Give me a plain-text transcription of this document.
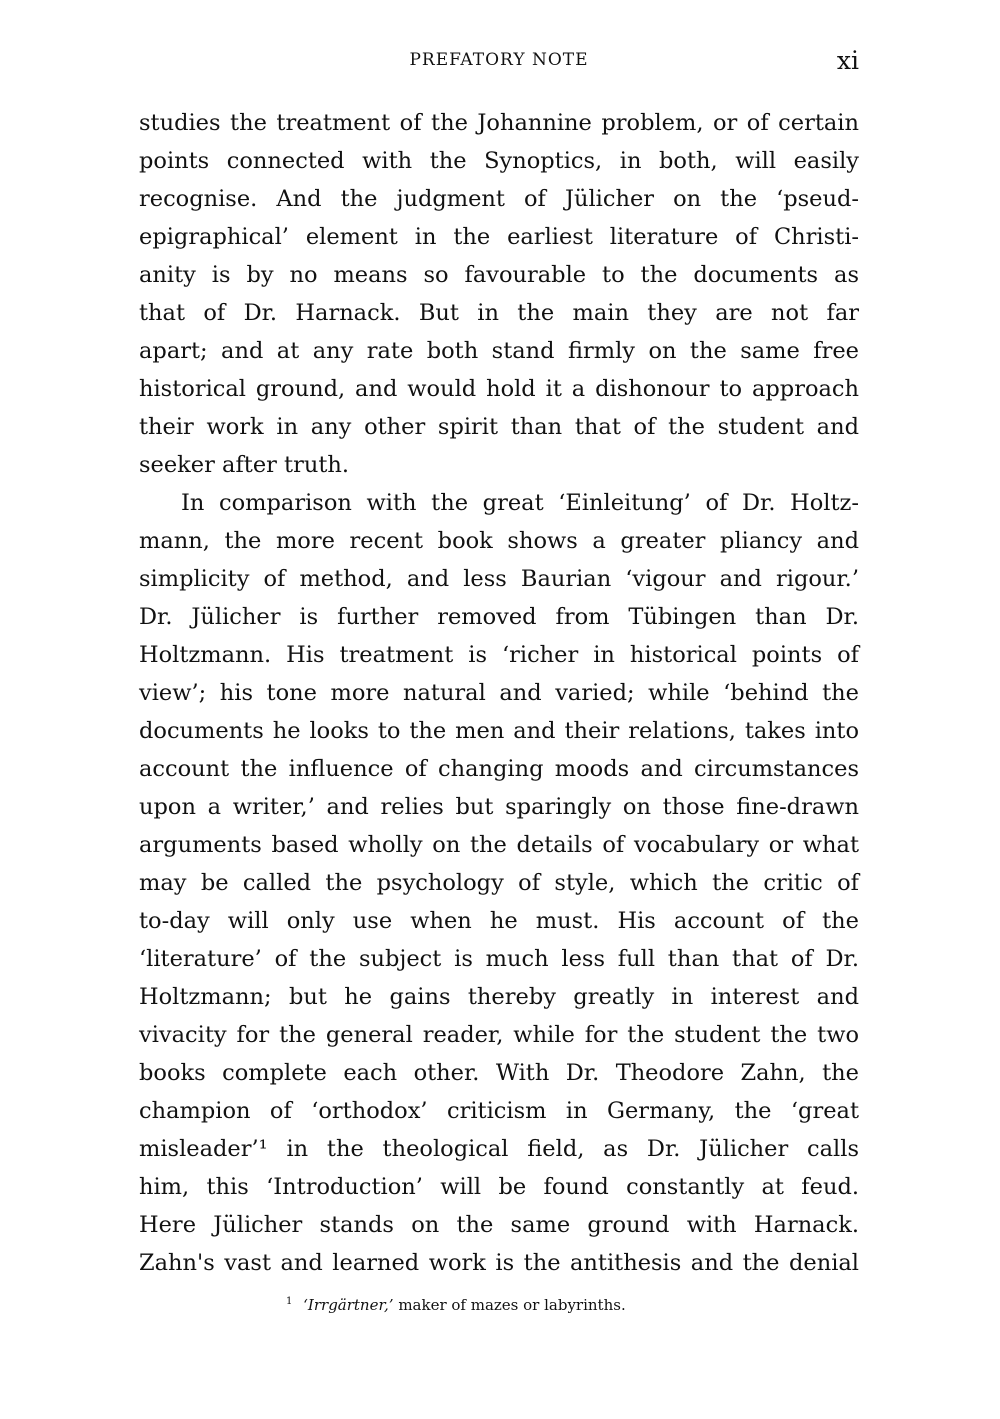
PREFATORY NOTE	xi
studies the treatment of the Johannine problem, or of certain
points connected with the Synoptics, in both, will easily
recognise. And the judgment of Jülicher on the ‘pseud-
epigraphical’ element in the earliest literature of Christi-
anity is by no means so favourable to the documents as
that of Dr. Harnack. But in the main they are not far
apart; and at any rate both stand firmly on the same free
historical ground, and would hold it a dishonour to approach
their work in any other spirit than that of the student and
seeker after truth.
In comparison with the great ‘Einleitung’ of Dr. Holtz-
mann, the more recent book shows a greater pliancy and
simplicity of method, and less Baurian ‘vigour and rigour.’
Dr. Jülicher is further removed from Tübingen than Dr.
Holtzmann. His treatment is ‘richer in historical points of
view’; his tone more natural and varied; while ‘behind the
documents he looks to the men and their relations, takes into
account the influence of changing moods and circumstances
upon a writer,’ and relies but sparingly on those fine-drawn
arguments based wholly on the details of vocabulary or what
may be called the psychology of style, which the critic of
to-day will only use when he must. His account of the
‘literature’ of the subject is much less full than that of Dr.
Holtzmann; but he gains thereby greatly in interest and
vivacity for the general reader, while for the student the two
books complete each other. With Dr. Theodore Zahn, the
champion of ‘orthodox’ criticism in Germany, the ‘great
misleader’¹ in the theological field, as Dr. Jülicher calls
him, this ‘Introduction’ will be found constantly at feud.
Here Jülicher stands on the same ground with Harnack.
Zahn's vast and learned work is the antithesis and the denial
$^1$ ‘Irrgärtner,’ maker of mazes or labyrinths.
